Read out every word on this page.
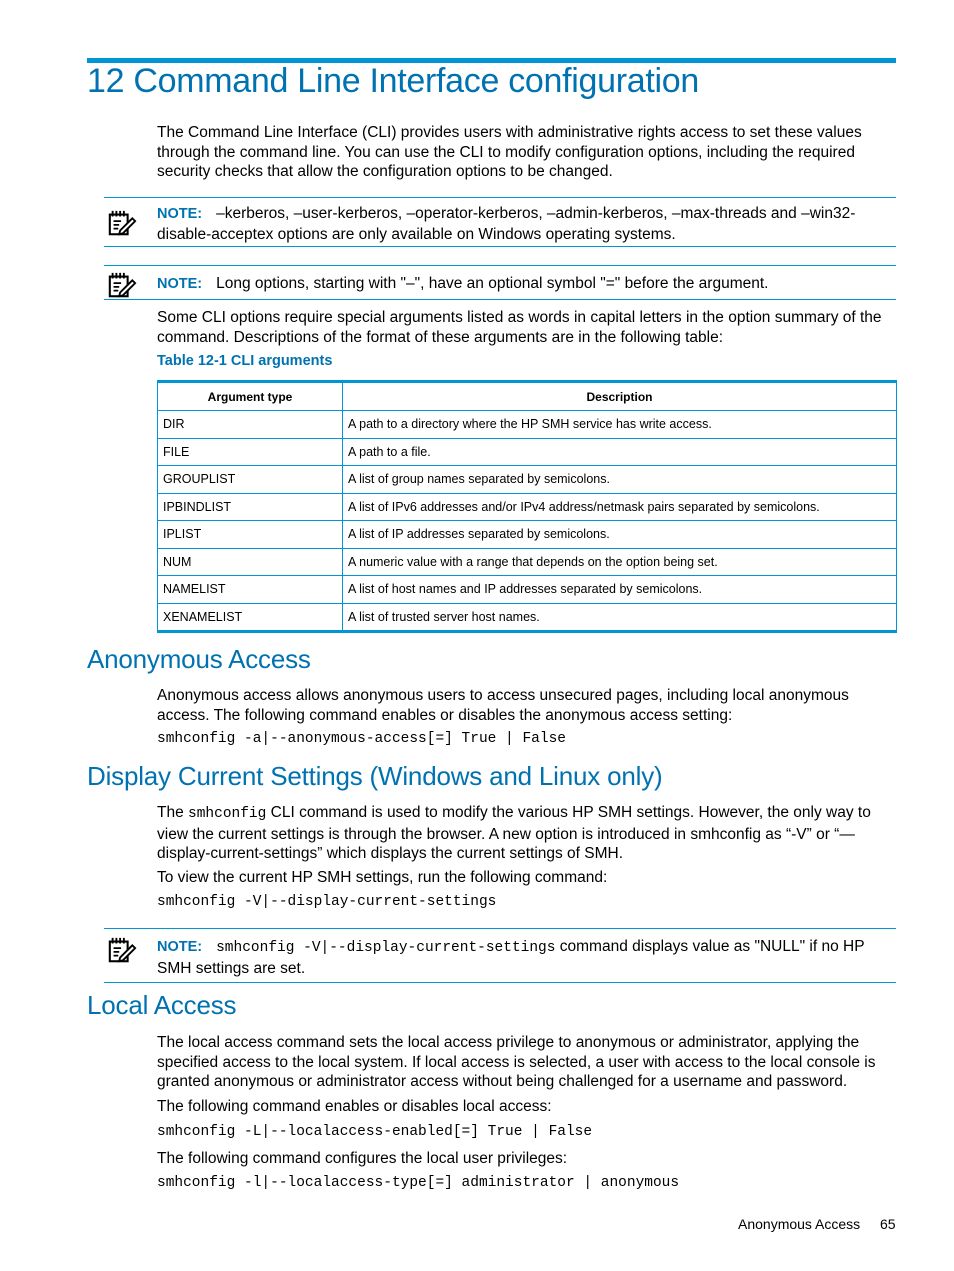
12 Command Line Interface configuration

The Command Line Interface (CLI) provides users with administrative rights access to set these values through the command line. You can use the CLI to modify configuration options, including the required security checks that allow the configuration options to be changed.

NOTE: –kerberos, –user-kerberos, –operator-kerberos, –admin-kerberos, –max-threads and –win32-disable-acceptex options are only available on Windows operating systems.
NOTE: Long options, starting with "–", have an optional symbol "=" before the argument.

Some CLI options require special arguments listed as words in capital letters in the option summary of the command. Descriptions of the format of these arguments are in the following table:

Table 12-1 CLI arguments

Argument type	Description
DIR	A path to a directory where the HP SMH service has write access.
FILE	A path to a file.
GROUPLIST	A list of group names separated by semicolons.
IPBINDLIST	A list of IPv6 addresses and/or IPv4 address/netmask pairs separated by semicolons.
IPLIST	A list of IP addresses separated by semicolons.
NUM	A numeric value with a range that depends on the option being set.
NAMELIST	A list of host names and IP addresses separated by semicolons.
XENAMELIST	A list of trusted server host names.
Anonymous Access

Anonymous access allows anonymous users to access unsecured pages, including local anonymous access. The following command enables or disables the anonymous access setting:

smhconfig -a|--anonymous-access[=] True | False

Display Current Settings (Windows and Linux only)

The smhconfig CLI command is used to modify the various HP SMH settings. However, the only way to view the current settings is through the browser. A new option is introduced in smhconfig as “-V” or “—display-current-settings” which displays the current settings of SMH.

To view the current HP SMH settings, run the following command:

smhconfig -V|--display-current-settings

NOTE: smhconfig -V|--display-current-settings command displays value as "NULL" if no HP SMH settings are set.
Local Access

The local access command sets the local access privilege to anonymous or administrator, applying the specified access to the local system. If local access is selected, a user with access to the local console is granted anonymous or administrator access without being challenged for a username and password.

The following command enables or disables local access:

smhconfig -L|--localaccess-enabled[=] True | False

The following command configures the local user privileges:

smhconfig -l|--localaccess-type[=] administrator | anonymous

Anonymous Access 65
